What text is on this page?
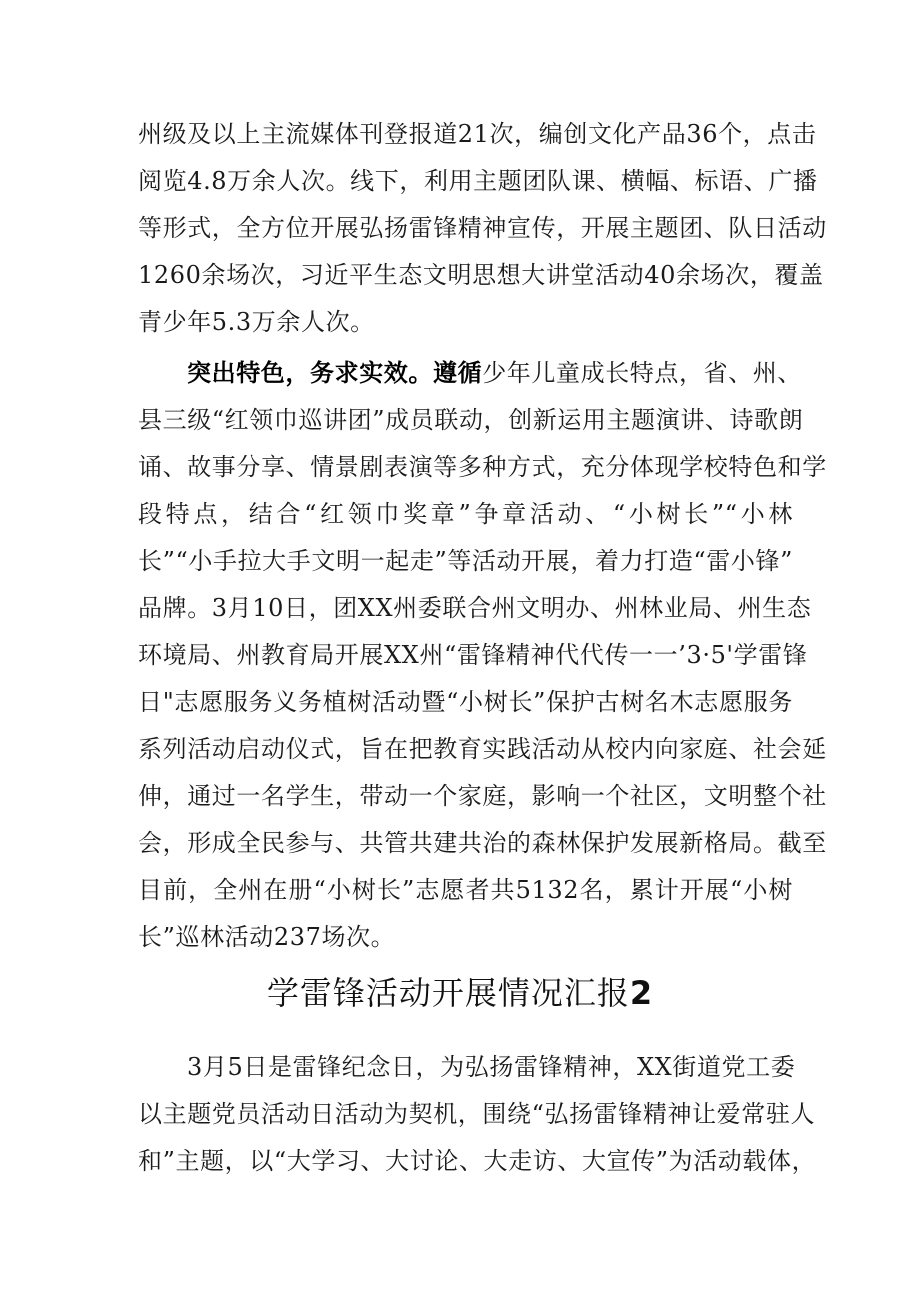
州级及以上主流媒体刊登报道21次，编创文化产品36个，点击
阅览4.8万余人次。线下，利用主题团队课、横幅、标语、广播
等形式，全方位开展弘扬雷锋精神宣传，开展主题团、队日活动
1260余场次，习近平生态文明思想大讲堂活动40余场次，覆盖
青少年5.3万余人次。
突出特色，务求实效。遵循少年儿童成长特点，省、州、
县三级“红领巾巡讲团”成员联动，创新运用主题演讲、诗歌朗
诵、故事分享、情景剧表演等多种方式，充分体现学校特色和学
段特点，结合“红领巾奖章”争章活动、“小树长”“小林
长”“小手拉大手文明一起走”等活动开展，着力打造“雷小锋”
品牌。3月10日，团XX州委联合州文明办、州林业局、州生态
环境局、州教育局开展XX州“雷锋精神代代传一一’3·5'学雷锋
日"志愿服务义务植树活动暨“小树长”保护古树名木志愿服务
系列活动启动仪式，旨在把教育实践活动从校内向家庭、社会延
伸，通过一名学生，带动一个家庭，影响一个社区，文明整个社
会，形成全民参与、共管共建共治的森林保护发展新格局。截至
目前，全州在册“小树长”志愿者共5132名，累计开展“小树
长”巡林活动237场次。
学雷锋活动开展情况汇报2
3月5日是雷锋纪念日，为弘扬雷锋精神，XX街道党工委
以主题党员活动日活动为契机，围绕“弘扬雷锋精神让爱常驻人
和”主题，以“大学习、大讨论、大走访、大宣传”为活动载体，
